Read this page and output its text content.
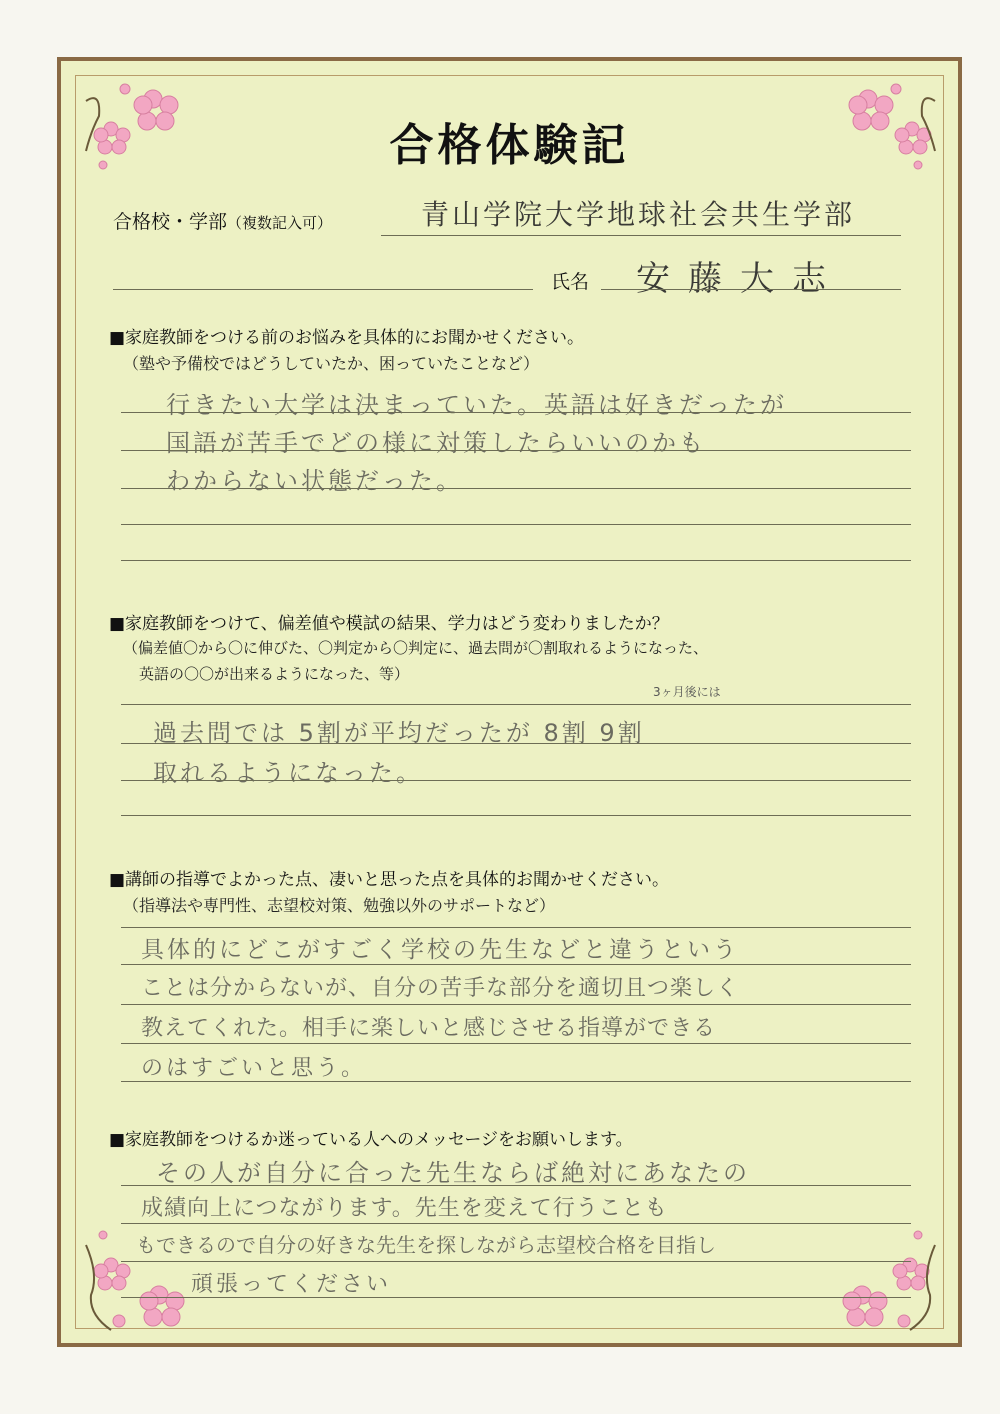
合格体験記
合格校・学部（複数記入可）	青山学院大学地球社会共生学部
氏名 安藤大志
■家庭教師をつける前のお悩みを具体的にお聞かせください。
（塾や予備校ではどうしていたか、困っていたことなど）
行きたい大学は決まっていた。英語は好きだったが
国語が苦手でどの様に対策したらいいのかも
わからない状態だった。
■家庭教師をつけて、偏差値や模試の結果、学力はどう変わりましたか？
（偏差値〇から〇に伸びた、〇判定から〇判定に、過去問が〇割取れるようになった、
英語の〇〇が出来るようになった、等）
3ヶ月後には
過去問では 5割が平均だったが 8割 9割
取れるようになった。
■講師の指導でよかった点、凄いと思った点を具体的お聞かせください。
（指導法や専門性、志望校対策、勉強以外のサポートなど）
具体的にどこがすごく学校の先生などと違うという
ことは分からないが、自分の苦手な部分を適切且つ楽しく
教えてくれた。相手に楽しいと感じさせる指導ができる
のはすごいと思う。
■家庭教師をつけるか迷っている人へのメッセージをお願いします。
その人が自分に合った先生ならば絶対にあなたの
成績向上につながります。先生を変えて行うことも
もできるので自分の好きな先生を探しながら志望校合格を目指し
頑張ってください
